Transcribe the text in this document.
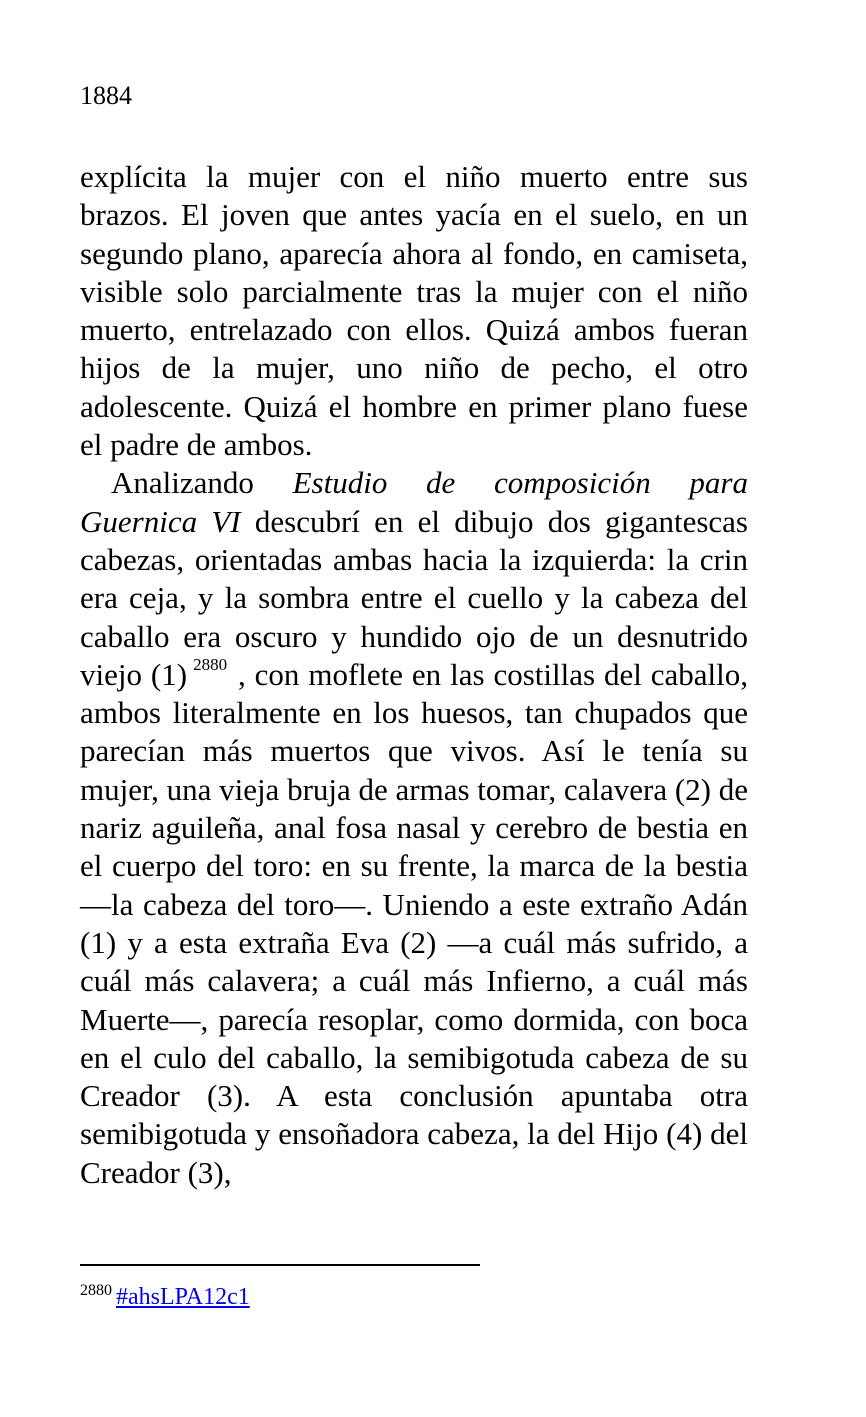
1884

explícita la mujer con el niño muerto entre sus brazos. El joven que antes yacía en el suelo, en un segundo plano, aparecía ahora al fondo, en camiseta, visible solo parcialmente tras la mujer con el niño muerto, entrelazado con ellos. Quizá ambos fueran hijos de la mujer, uno niño de pecho, el otro adolescente. Quizá el hombre en primer plano fuese el padre de ambos.

Analizando Estudio de composición para Guernica VI descubrí en el dibujo dos gigantescas cabezas, orientadas ambas hacia la izquierda: la crin era ceja, y la sombra entre el cuello y la cabeza del caballo era oscuro y hundido ojo de un desnutrido viejo (1) $^{2880}$ , con moflete en las costillas del caballo, ambos literalmente en los huesos, tan chupados que parecían más muertos que vivos. Así le tenía su mujer, una vieja bruja de armas tomar, calavera (2) de nariz aguileña, anal fosa nasal y cerebro de bestia en el cuerpo del toro: en su frente, la marca de la bestia —la cabeza del toro—. Uniendo a este extraño Adán (1) y a esta extraña Eva (2) —a cuál más sufrido, a cuál más calavera; a cuál más Infierno, a cuál más Muerte—, parecía resoplar, como dormida, con boca en el culo del caballo, la semibigotuda cabeza de su Creador (3). A esta conclusión apuntaba otra semibigotuda y ensoñadora cabeza, la del Hijo (4) del Creador (3),

$^{2880}$ #ahsLPA12c1
